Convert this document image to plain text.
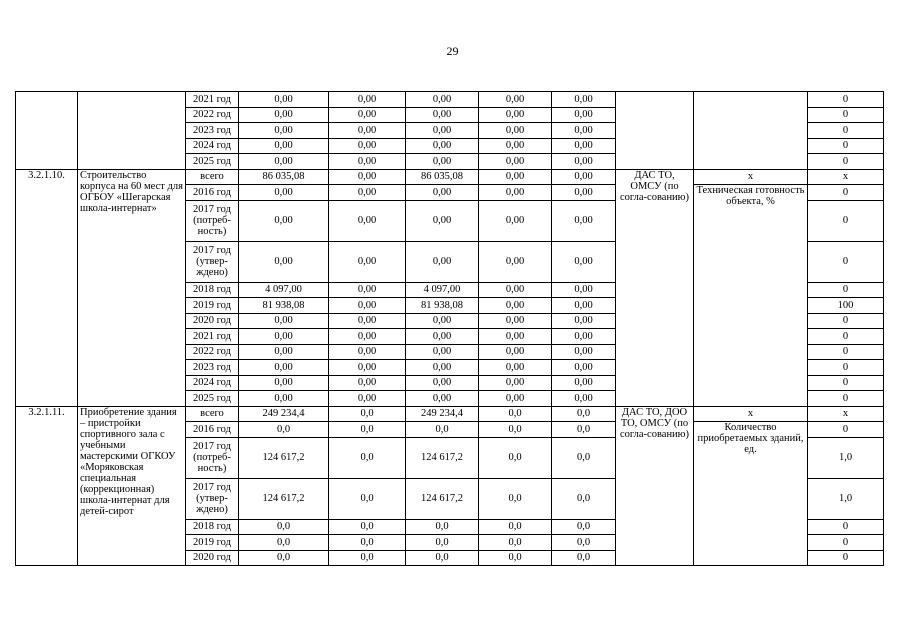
29
		2021 год	0,00	0,00	0,00	0,00	0,00			0
		2022 год	0,00	0,00	0,00	0,00	0,00			0
		2023 год	0,00	0,00	0,00	0,00	0,00			0
		2024 год	0,00	0,00	0,00	0,00	0,00			0
		2025 год	0,00	0,00	0,00	0,00	0,00			0
3.2.1.10.	Строительство корпуса на 60 мест для ОГБОУ «Шегарская школа-интернат»	всего	86 035,08	0,00	86 035,08	0,00	0,00	ДАС ТО, ОМСУ (по согла-сованию)	x	x
		2016 год	0,00	0,00	0,00	0,00	0,00		Техническая готовность объекта, %	0
		2017 год (потреб-ность)	0,00	0,00	0,00	0,00	0,00			0
		2017 год (утвер-ждено)	0,00	0,00	0,00	0,00	0,00			0
		2018 год	4 097,00	0,00	4 097,00	0,00	0,00			0
		2019 год	81 938,08	0,00	81 938,08	0,00	0,00			100
		2020 год	0,00	0,00	0,00	0,00	0,00			0
		2021 год	0,00	0,00	0,00	0,00	0,00			0
		2022 год	0,00	0,00	0,00	0,00	0,00			0
		2023 год	0,00	0,00	0,00	0,00	0,00			0
		2024 год	0,00	0,00	0,00	0,00	0,00			0
		2025 год	0,00	0,00	0,00	0,00	0,00			0
3.2.1.11.	Приобретение здания – пристройки спортивного зала с учебными мастерскими ОГКОУ «Моряковская специальная (коррекционная) школа-интернат для детей-сирот	всего	249 234,4	0,0	249 234,4	0,0	0,0	ДАС ТО, ДОО ТО, ОМСУ (по согла-сованию)	x	x
		2016 год	0,0	0,0	0,0	0,0	0,0		Количество приобретаемых зданий, ед.	0
		2017 год (потреб-ность)	124 617,2	0,0	124 617,2	0,0	0,0			1,0
		2017 год (утвер-ждено)	124 617,2	0,0	124 617,2	0,0	0,0			1,0
		2018 год	0,0	0,0	0,0	0,0	0,0			0
		2019 год	0,0	0,0	0,0	0,0	0,0			0
		2020 год	0,0	0,0	0,0	0,0	0,0			0
